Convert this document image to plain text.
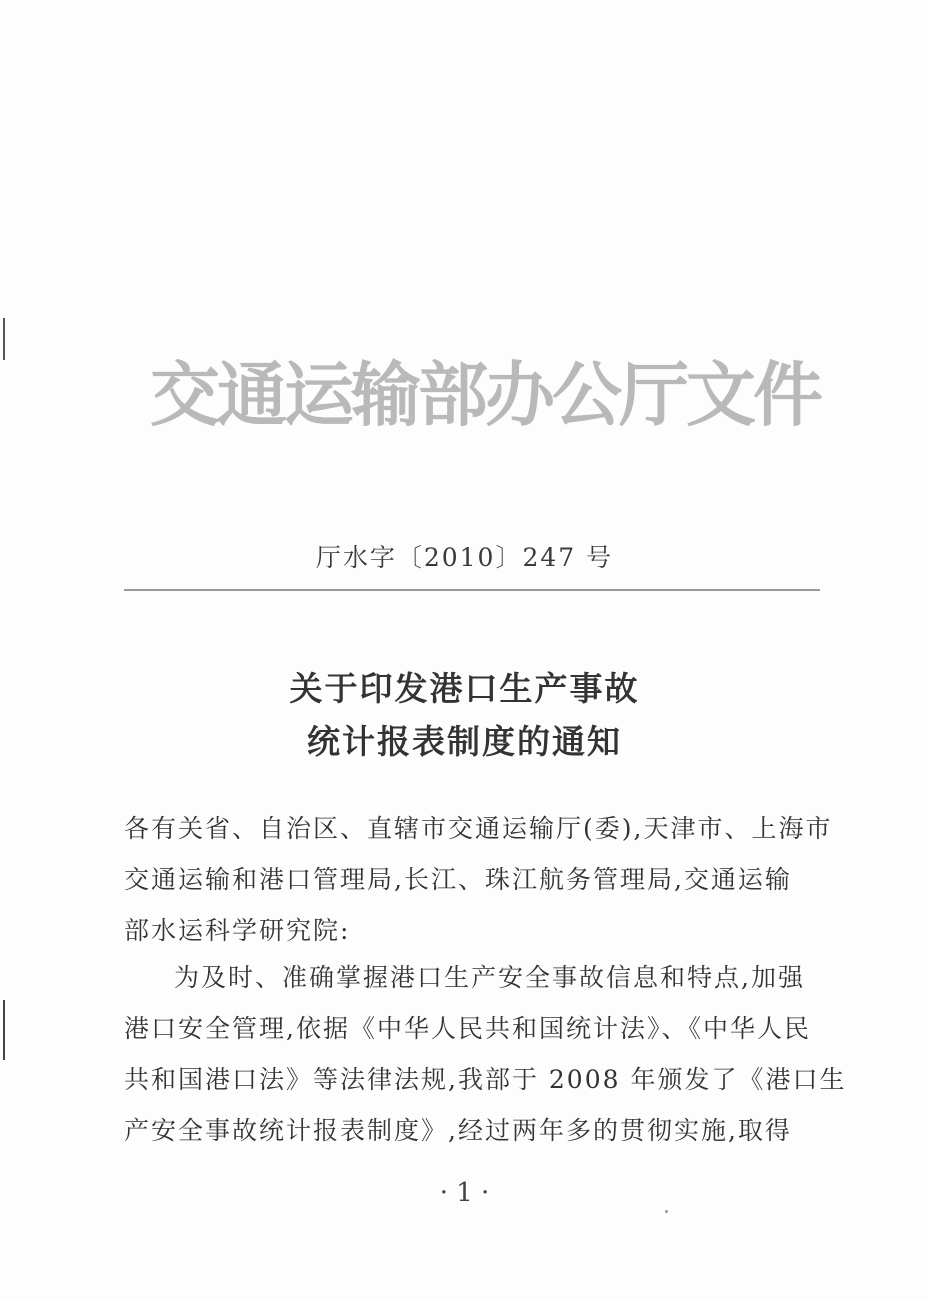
交通运输部办公厅文件
厅水字〔2010〕247 号
关于印发港口生产事故
统计报表制度的通知
各有关省、自治区、直辖市交通运输厅(委),天津市、上海市
交通运输和港口管理局,长江、珠江航务管理局,交通运输
部水运科学研究院:
为及时、准确掌握港口生产安全事故信息和特点,加强
港口安全管理,依据《中华人民共和国统计法》、《中华人民
共和国港口法》等法律法规,我部于 2008 年颁发了《港口生
产安全事故统计报表制度》,经过两年多的贯彻实施,取得
· 1 ·
